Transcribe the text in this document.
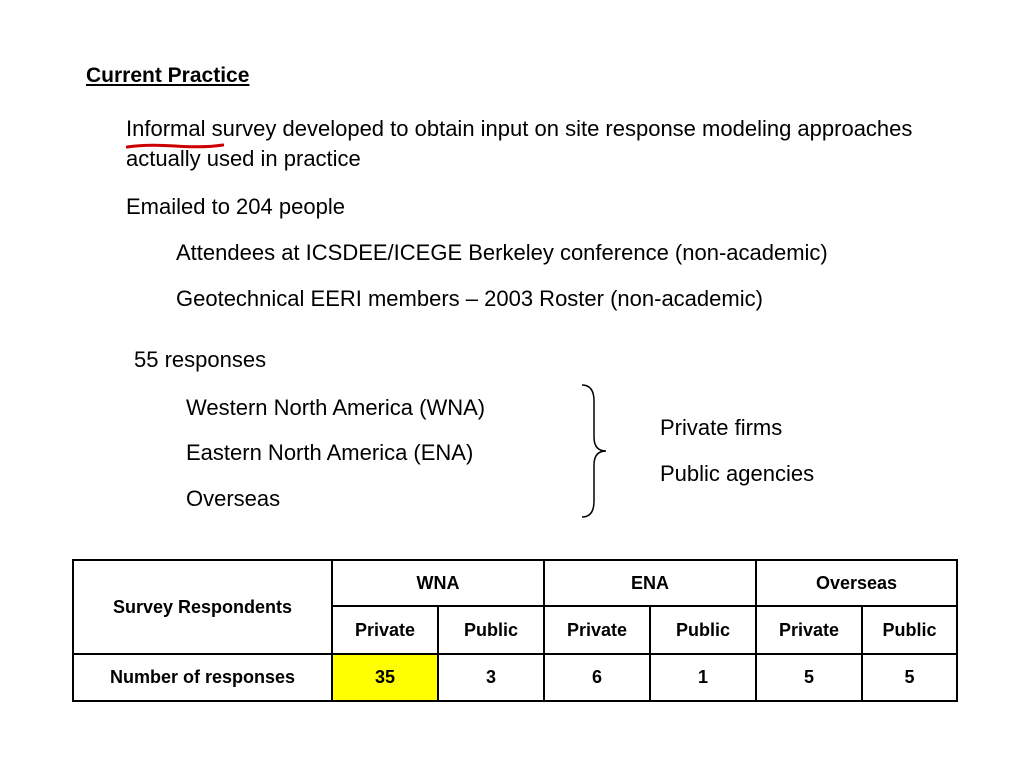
Current Practice
Informal
survey developed to obtain input on site response modeling approaches actually used in practice
Emailed to 204 people
Attendees at ICSDEE/ICEGE Berkeley conference (non-academic)
Geotechnical EERI members – 2003 Roster (non-academic)
55 responses
Western North America (WNA)
Eastern North America (ENA)
Overseas
Private firms
Public agencies
Survey Respondents	WNA		ENA		Overseas	
	Private	Public	Private	Public	Private	Public
Number of responses	35	3	6	1	5	5
